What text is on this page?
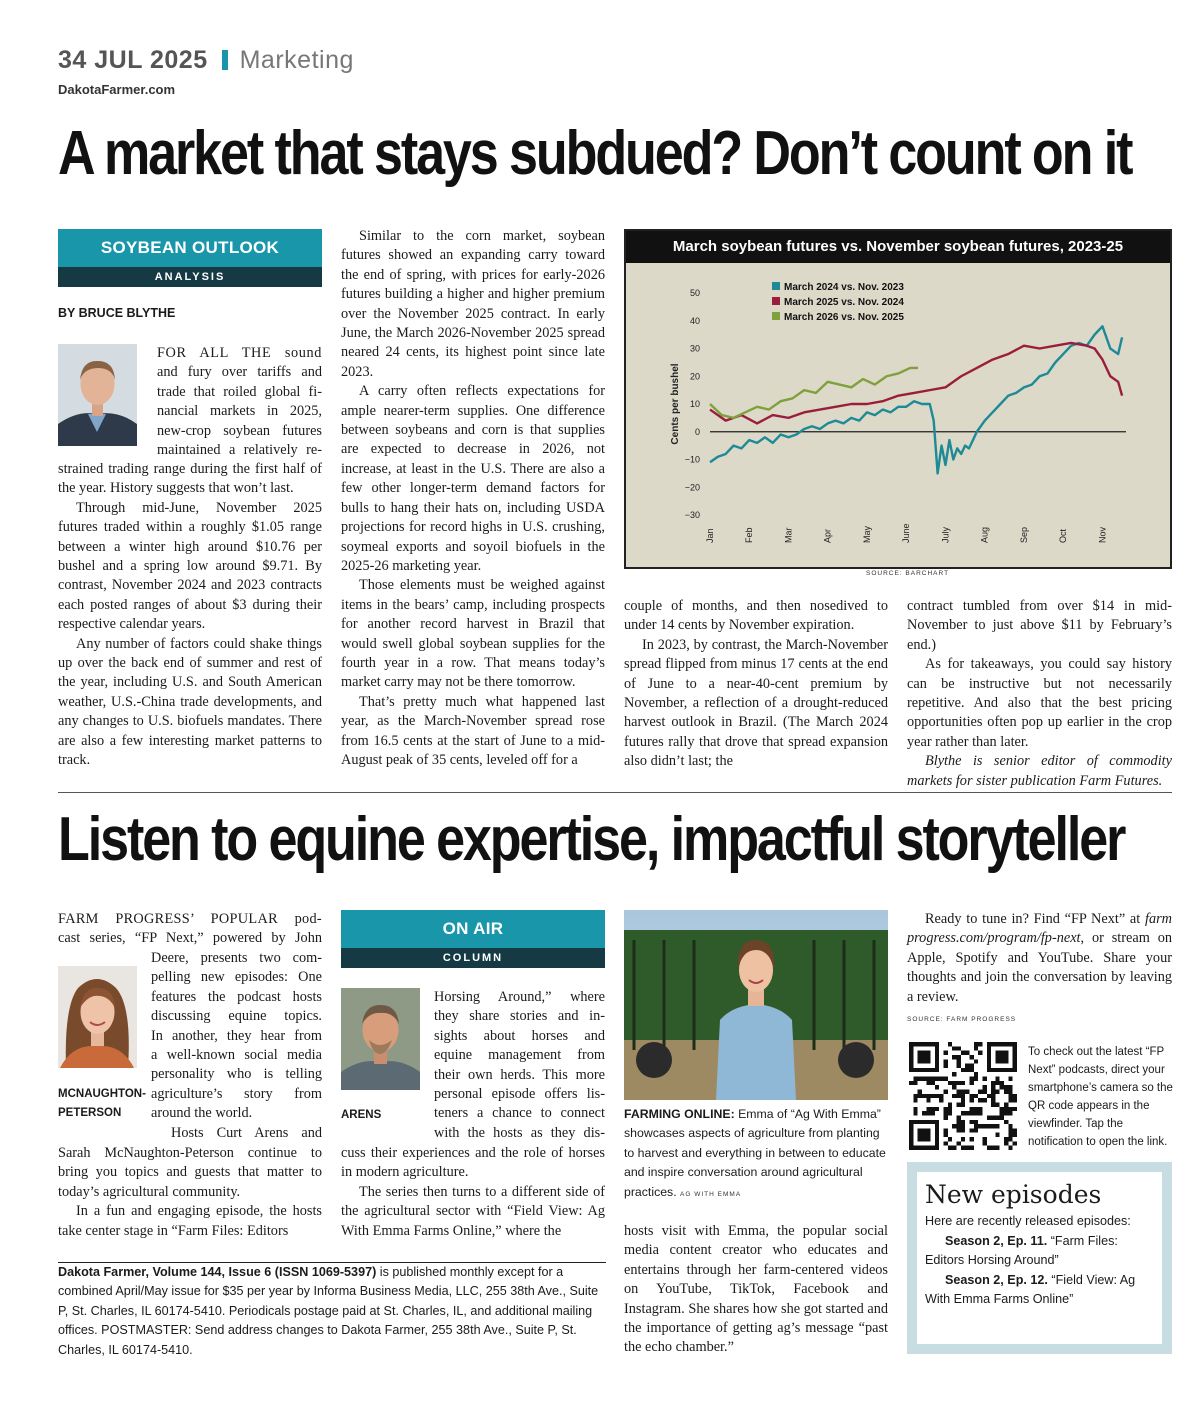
34 JUL 2025 Marketing
DakotaFarmer.com
A market that stays subdued? Don’t count on it
SOYBEAN OUTLOOK
ANALYSIS
BY BRUCE BLYTHE

FOR ALL THE sound

and fury over tariffs and

trade that roiled global fi-

nancial markets in 2025,

new-crop soybean futures

maintained a relatively re-

strained trading range during the first half of the year. History suggests that won’t last.

Through mid-June, November 2025 futures traded within a roughly $1.05 range between a winter high around $10.76 per bushel and a spring low around $9.71. By contrast, November 2024 and 2023 contracts each posted ranges of about $3 during their respective calendar years.

Any number of factors could shake things up over the back end of summer and rest of the year, including U.S. and South American weather, U.S.-China trade developments, and any changes to U.S. biofuels mandates. There are also a few interesting market patterns to track.

Similar to the corn market, soybean futures showed an expanding carry toward the end of spring, with prices for early-2026 futures building a higher and higher premium over the November 2025 contract. In early June, the March 2026-November 2025 spread neared 24 cents, its highest point since late 2023.

A carry often reflects expectations for ample nearer-term supplies. One difference between soybeans and corn is that supplies are expected to decrease in 2026, not increase, at least in the U.S. There are also a few other longer-term demand factors for bulls to hang their hats on, including USDA projections for record highs in U.S. crushing, soymeal exports and soyoil biofuels in the 2025-26 marketing year.

Those elements must be weighed against items in the bears’ camp, including prospects for another record harvest in Brazil that would swell global soybean supplies for the fourth year in a row. That means today’s market carry may not be there tomorrow.

That’s pretty much what happened last year, as the March-November spread rose from 16.5 cents at the start of June to a mid-August peak of 35 cents, leveled off for a

March soybean futures vs. November soybean futures, 2023-25
50
40
30
20
10
0
−10
−20
−30
Jan	Feb	Mar	Apr	May	June	July	Aug	Sep	Oct	Nov
Cents per bushel
March 2024 vs. Nov. 2023
March 2025 vs. Nov. 2024
March 2026 vs. Nov. 2025
SOURCE: BARCHART

couple of months, and then nosedived to under 14 cents by November expiration.

In 2023, by contrast, the March-November spread flipped from minus 17 cents at the end of June to a near-40-cent premium by November, a reflection of a drought-reduced harvest outlook in Brazil. (The March 2024 futures rally that drove that spread expansion also didn’t last; the

contract tumbled from over $14 in mid-November to just above $11 by February’s end.)

As for takeaways, you could say history can be instructive but not necessarily repetitive. And also that the best pricing opportunities often pop up earlier in the crop year rather than later.

Blythe is senior editor of commodity markets for sister publication Farm Futures.

Listen to equine expertise, impactful storyteller

FARM PROGRESS’ POPULAR pod-

cast series, “FP Next,” powered by John

MCNAUGHTON-PETERSON

Deere, presents two com-

pelling new episodes: One

features the podcast hosts

discussing equine topics.

In another, they hear from

a well-known social media

personality who is telling

agriculture’s story from

around the world.

Hosts Curt Arens and

Sarah McNaughton-Peterson continue to bring you topics and guests that matter to today’s agricultural community.

In a fun and engaging episode, the hosts take center stage in “Farm Files: Editors

ON AIR
COLUMN
ARENS

Horsing Around,” where

they share stories and in-

sights about horses and

equine management from

their own herds. This more

personal episode offers lis-

teners a chance to connect

with the hosts as they dis-

cuss their experiences and the role of horses in modern agriculture.

The series then turns to a different side of the agricultural sector with “Field View: Ag With Emma Farms Online,” where the

FARMING ONLINE: Emma of “Ag With Emma” showcases aspects of agriculture from planting to harvest and everything in between to educate and inspire conversation around agricultural practices. AG WITH EMMA

hosts visit with Emma, the popular social media content creator who educates and entertains through her farm-centered videos on YouTube, TikTok, Facebook and Instagram. She shares how she got started and the importance of getting ag’s message “past the echo chamber.”

Ready to tune in? Find “FP Next” at farm progress.com/program/fp-next, or stream on Apple, Spotify and YouTube. Share your thoughts and join the conversation by leaving a review.

SOURCE: FARM PROGRESS
To check out the latest “FP Next” podcasts, direct your smartphone’s camera so the QR code appears in the viewfinder. Tap the notification to open the link.
New episodes
Here are recently released episodes:
Season 2, Ep. 11. “Farm Files: Editors Horsing Around”
Season 2, Ep. 12. “Field View: Ag With Emma Farms Online”
Dakota Farmer, Volume 144, Issue 6 (ISSN 1069-5397) is published monthly except for a combined April/May issue for $35 per year by Informa Business Media, LLC, 255 38th Ave., Suite P, St. Charles, IL 60174-5410. Periodicals postage paid at St. Charles, IL, and additional mailing offices. POSTMASTER: Send address changes to Dakota Farmer, 255 38th Ave., Suite P, St. Charles, IL 60174-5410.
